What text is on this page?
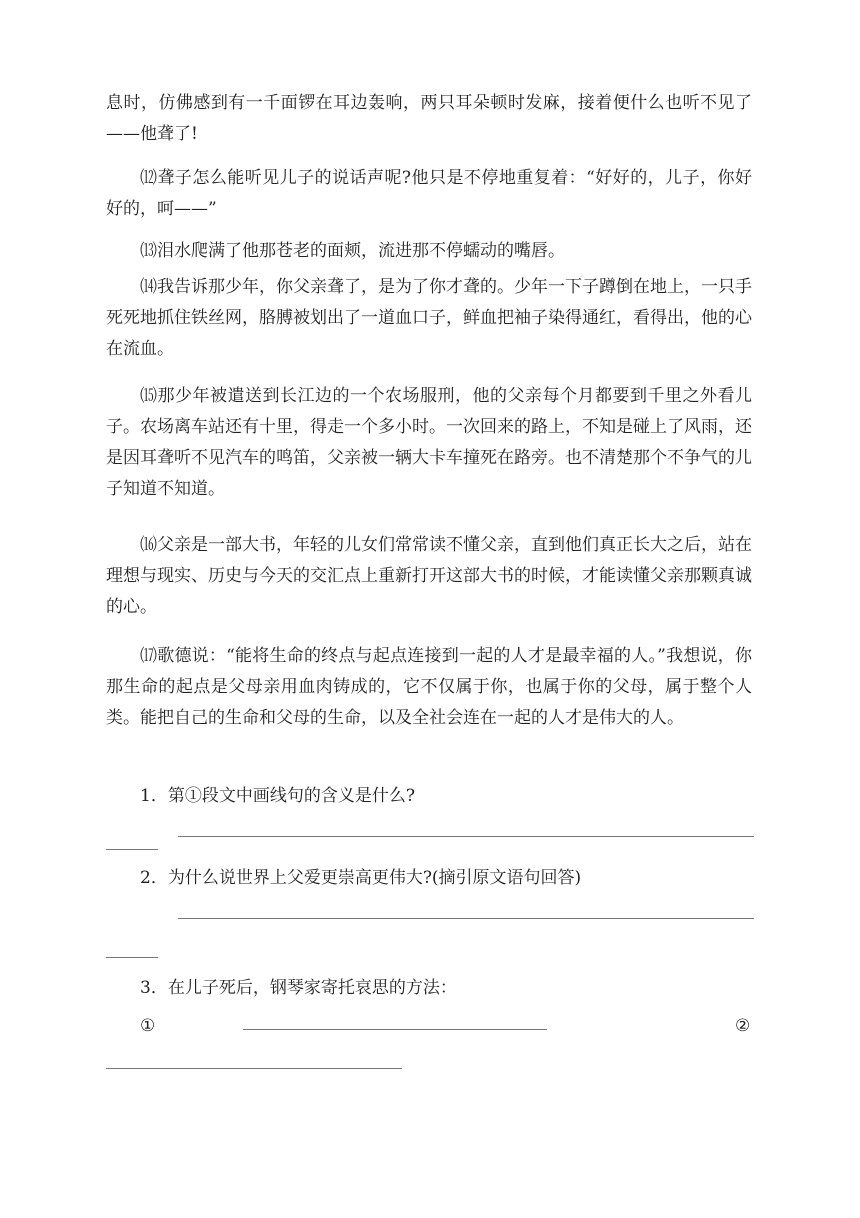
息时，仿佛感到有一千面锣在耳边轰响，两只耳朵顿时发麻，接着便什么也听不见了——他聋了!

⑿聋子怎么能听见儿子的说话声呢?他只是不停地重复着：“好好的，儿子，你好好的，呵——”

⒀泪水爬满了他那苍老的面颊，流进那不停蠕动的嘴唇。

⒁我告诉那少年，你父亲聋了，是为了你才聋的。少年一下子蹲倒在地上，一只手死死地抓住铁丝网，胳膊被划出了一道血口子，鲜血把袖子染得通红，看得出，他的心在流血。

⒂那少年被遣送到长江边的一个农场服刑，他的父亲每个月都要到千里之外看儿子。农场离车站还有十里，得走一个多小时。一次回来的路上，不知是碰上了风雨，还是因耳聋听不见汽车的鸣笛，父亲被一辆大卡车撞死在路旁。也不清楚那个不争气的儿子知道不知道。

⒃父亲是一部大书，年轻的儿女们常常读不懂父亲，直到他们真正长大之后，站在理想与现实、历史与今天的交汇点上重新打开这部大书的时候，才能读懂父亲那颗真诚的心。

⒄歌德说：“能将生命的终点与起点连接到一起的人才是最幸福的人。”我想说，你那生命的起点是父母亲用血肉铸成的，它不仅属于你，也属于你的父母，属于整个人类。能把自己的生命和父母的生命，以及全社会连在一起的人才是伟大的人。

1．第①段文中画线句的含义是什么?

2．为什么说世界上父爱更崇高更伟大?(摘引原文语句回答)

3．在儿子死后，钢琴家寄托哀思的方法：

①	②
